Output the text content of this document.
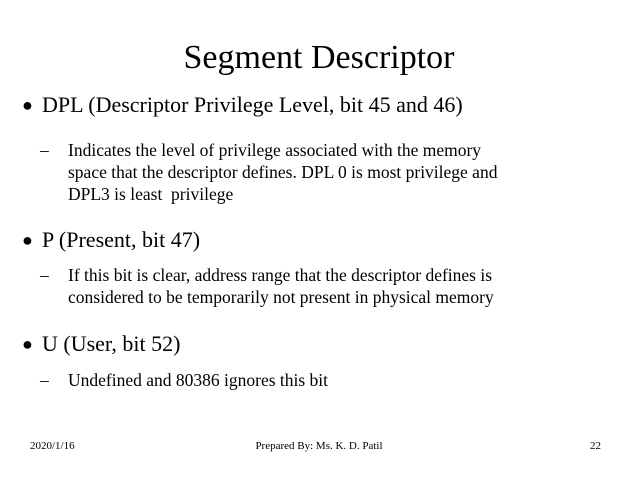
Segment Descriptor
● DPL (Descriptor Privilege Level, bit 45 and 46)
– Indicates the level of privilege associated with the memory
space that the descriptor defines. DPL 0 is most privilege and
DPL3 is least  privilege
● P (Present, bit 47)
– If this bit is clear, address range that the descriptor defines is
considered to be temporarily not present in physical memory
● U (User, bit 52)
– Undefined and 80386 ignores this bit
2020/1/16	Prepared By: Ms. K. D. Patil	22
